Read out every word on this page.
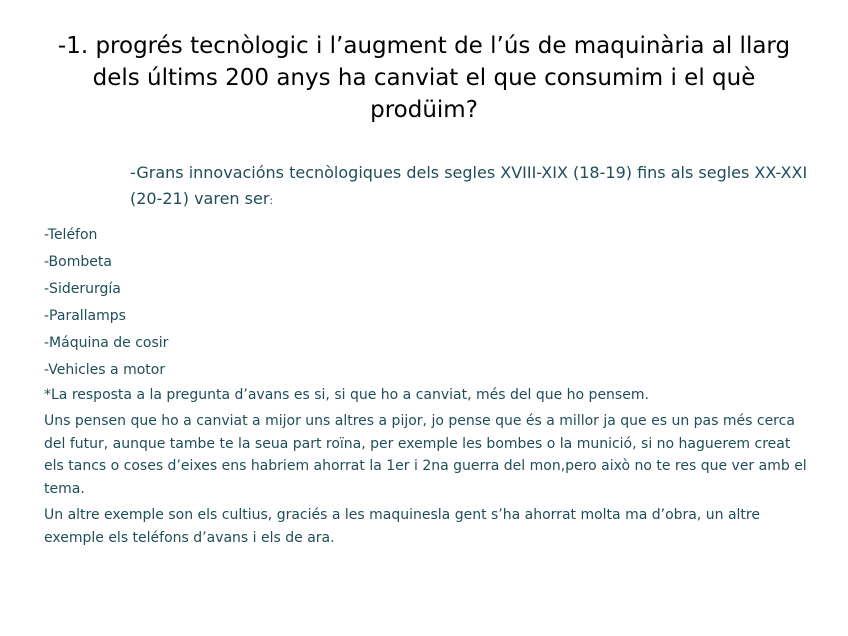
-1. progrés tecnòlogic i l’augment de l’ús de maquinària al llarg
dels últims 200 anys ha canviat el que consumim i el què
prodüim?

-Grans innovacións tecnòlogiques dels segles XVIII-XIX (18-19) fins als segles XX-XXI (20-21) varen ser:

-Teléfon

-Bombeta

-Siderurgía

-Parallamps

-Máquina de cosir

-Vehicles a motor

*La resposta a la pregunta d’avans es si, si que ho a canviat, més del que ho pensem.

Uns pensen que ho a canviat a mijor uns altres a pijor, jo pense que és a millor ja que es un pas més cerca del futur, aunque tambe te la seua part roïna, per exemple les bombes o la munició, si no haguerem creat els tancs o coses d’eixes ens habriem ahorrat la 1er i 2na guerra del mon,pero això no te res que ver amb el tema.

Un altre exemple son els cultius, graciés a les maquinesla gent s’ha ahorrat molta ma d’obra, un altre exemple els teléfons d’avans i els de ara.
